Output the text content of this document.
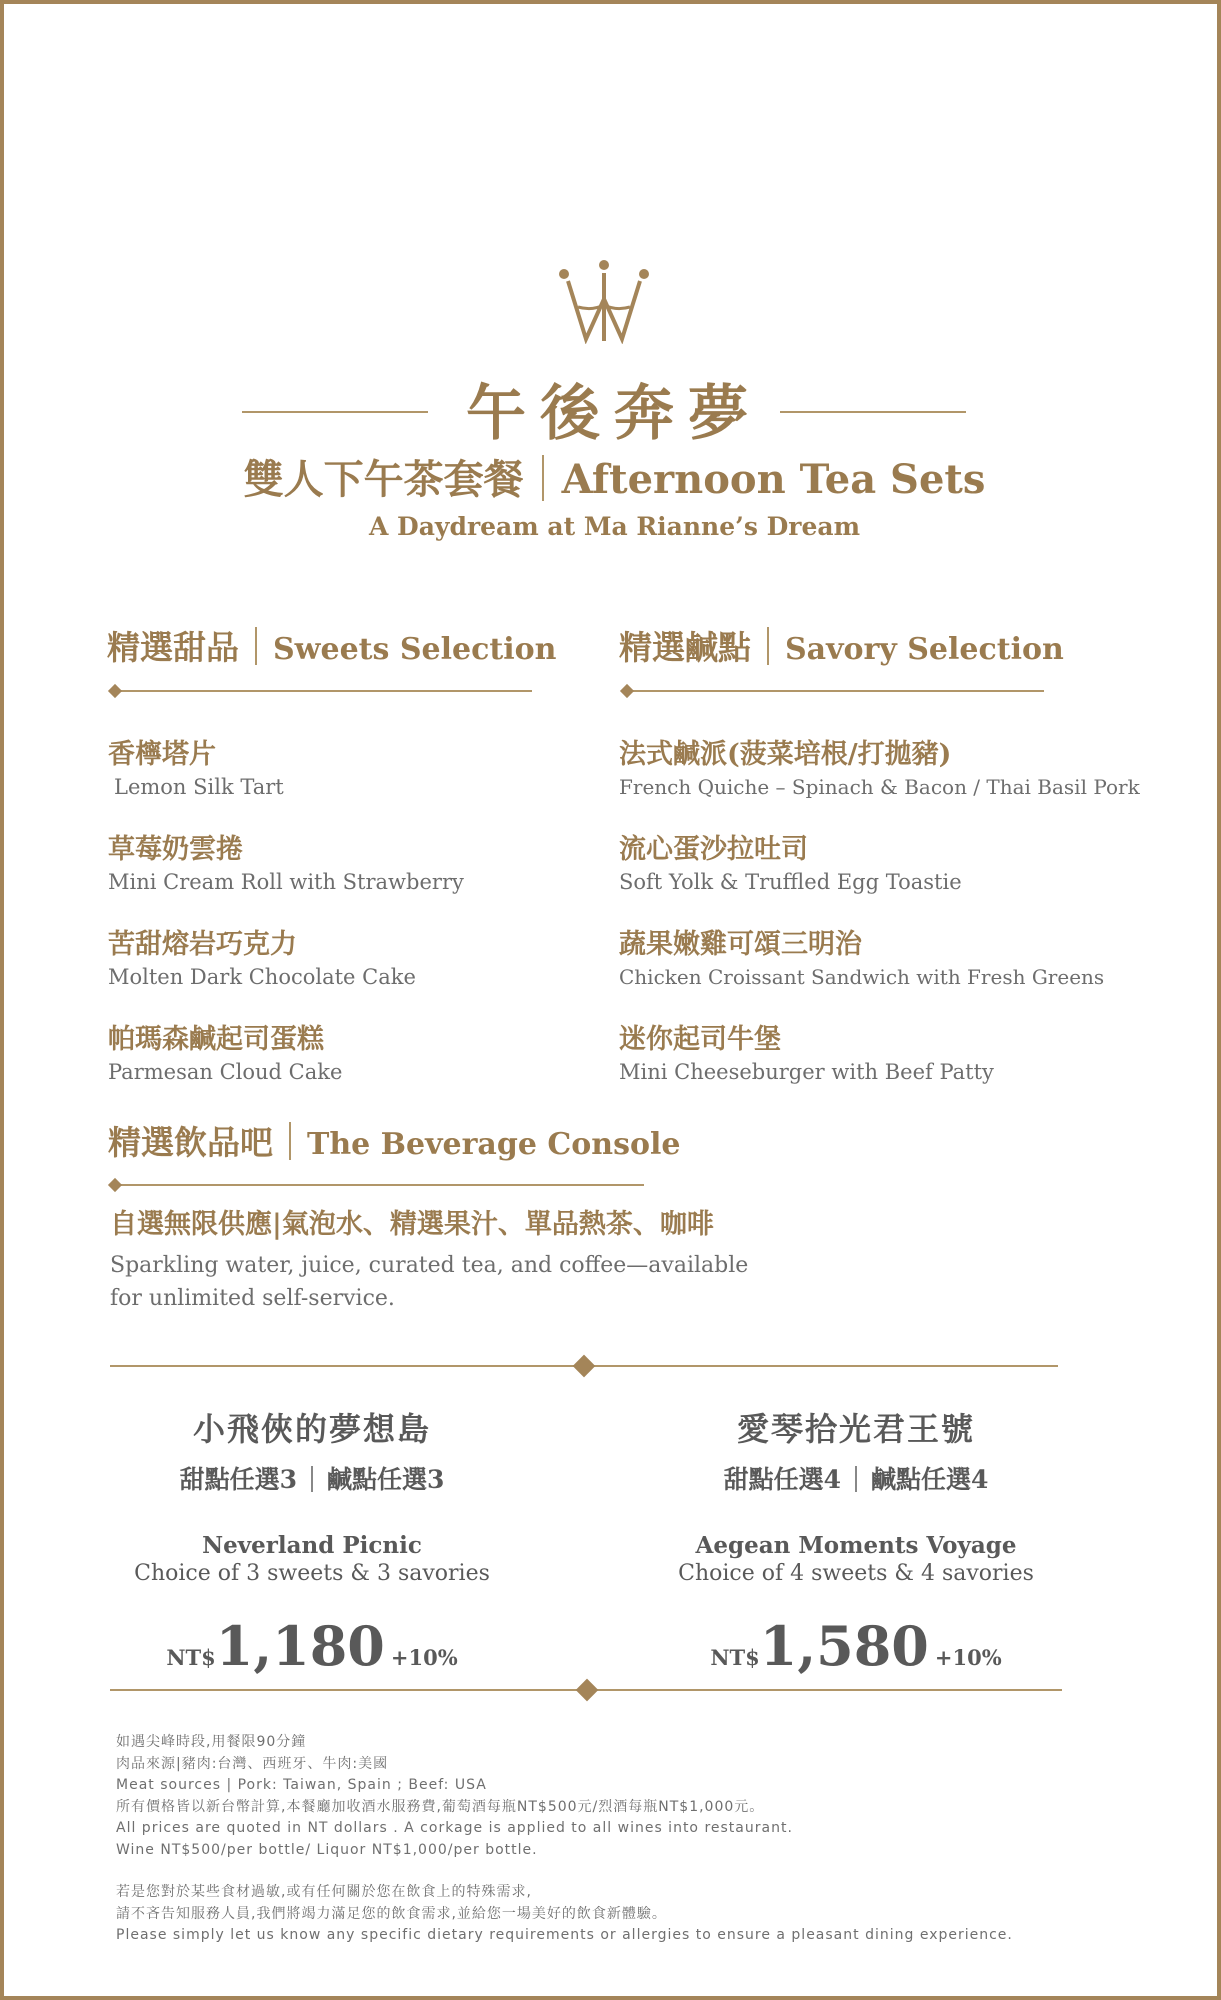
午後奔夢
雙人下午茶套餐 Afternoon Tea Sets
A Daydream at Ma Rianne’s Dream
精選甜品 Sweets Selection
香檸塔片
Lemon Silk Tart
草莓奶雲捲
Mini Cream Roll with Strawberry
苦甜熔岩巧克力
Molten Dark Chocolate Cake
帕瑪森鹹起司蛋糕
Parmesan Cloud Cake
精選鹹點 Savory Selection
法式鹹派(菠菜培根/打拋豬)
French Quiche – Spinach & Bacon / Thai Basil Pork
流心蛋沙拉吐司
Soft Yolk & Truffled Egg Toastie
蔬果嫩雞可頌三明治
Chicken Croissant Sandwich with Fresh Greens
迷你起司牛堡
Mini Cheeseburger with Beef Patty
精選飲品吧 The Beverage Console
自選無限供應|氣泡水、精選果汁、單品熱茶、咖啡
Sparkling water, juice, curated tea, and coffee—available for unlimited self-service.
小飛俠的夢想島
甜點任選3 鹹點任選3
Neverland Picnic
Choice of 3 sweets & 3 savories
NT$1,180 +10%
愛琴拾光君王號
甜點任選4 鹹點任選4
Aegean Moments Voyage
Choice of 4 sweets & 4 savories
NT$1,580 +10%
如遇尖峰時段,用餐限90分鐘
肉品來源|豬肉:台灣、西班牙、牛肉:美國
Meat sources | Pork: Taiwan, Spain ; Beef: USA
所有價格皆以新台幣計算,本餐廳加收酒水服務費,葡萄酒每瓶NT$500元/烈酒每瓶NT$1,000元。
All prices are quoted in NT dollars . A corkage is applied to all wines into restaurant.
Wine NT$500/per bottle/ Liquor NT$1,000/per bottle.
若是您對於某些食材過敏,或有任何關於您在飲食上的特殊需求,
請不吝告知服務人員,我們將竭力滿足您的飲食需求,並給您一場美好的飲食新體驗。
Please simply let us know any specific dietary requirements or allergies to ensure a pleasant dining experience.
